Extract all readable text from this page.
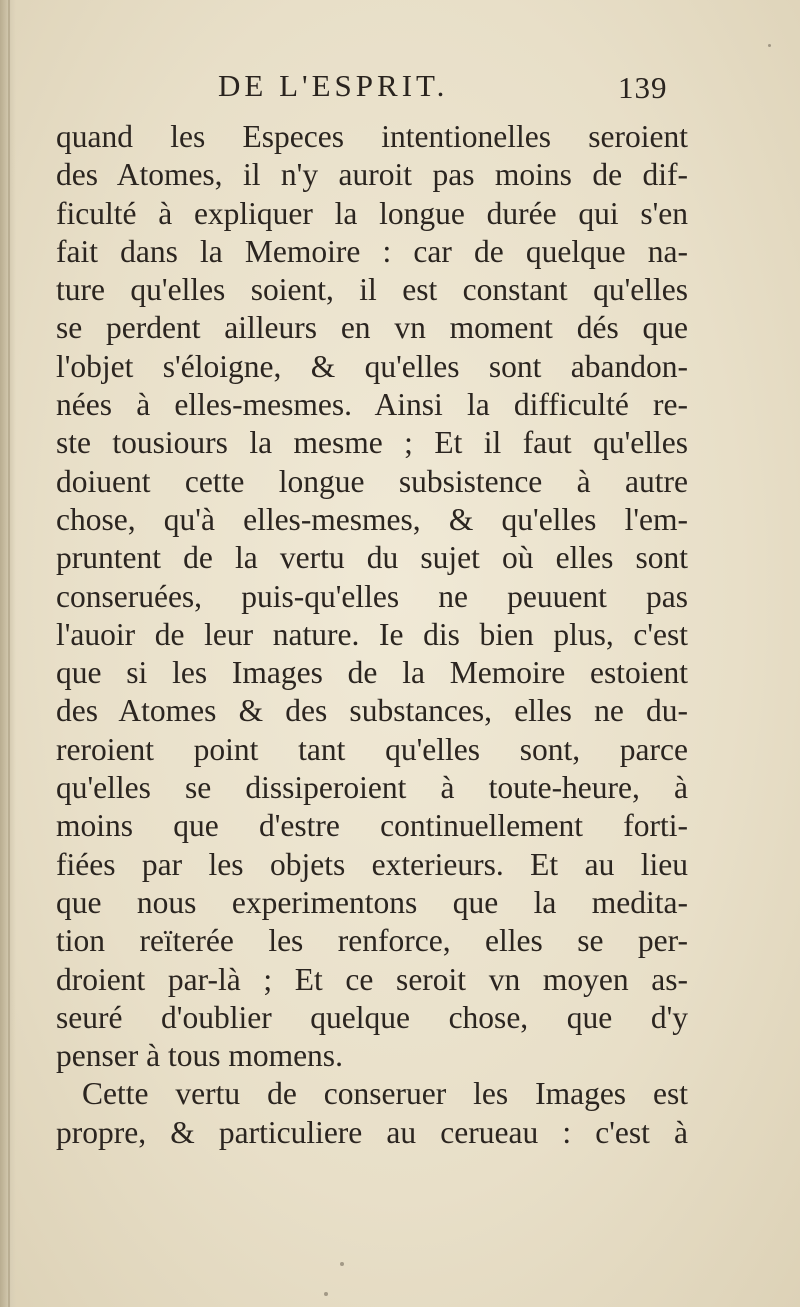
DE L'ESPRIT.	139
quand les Especes intentionelles seroient
des Atomes, il n'y auroit pas moins de dif-
ficulté à expliquer la longue durée qui s'en
fait dans la Memoire : car de quelque na-
ture qu'elles soient, il est constant qu'elles
se perdent ailleurs en vn moment dés que
l'objet s'éloigne, & qu'elles sont abandon-
nées à elles-mesmes. Ainsi la difficulté re-
ste tousiours la mesme ; Et il faut qu'elles
doiuent cette longue subsistence à autre
chose, qu'à elles-mesmes, & qu'elles l'em-
pruntent de la vertu du sujet où elles sont
conseruées, puis-qu'elles ne peuuent pas
l'auoir de leur nature. Ie dis bien plus, c'est
que si les Images de la Memoire estoient
des Atomes & des substances, elles ne du-
reroient point tant qu'elles sont, parce
qu'elles se dissiperoient à toute-heure, à
moins que d'estre continuellement forti-
fiées par les objets exterieurs. Et au lieu
que nous experimentons que la medita-
tion reïterée les renforce, elles se per-
droient par-là ; Et ce seroit vn moyen as-
seuré d'oublier quelque chose, que d'y
penser à tous momens.
Cette vertu de conseruer les Images est
propre, & particuliere au cerueau : c'est à
